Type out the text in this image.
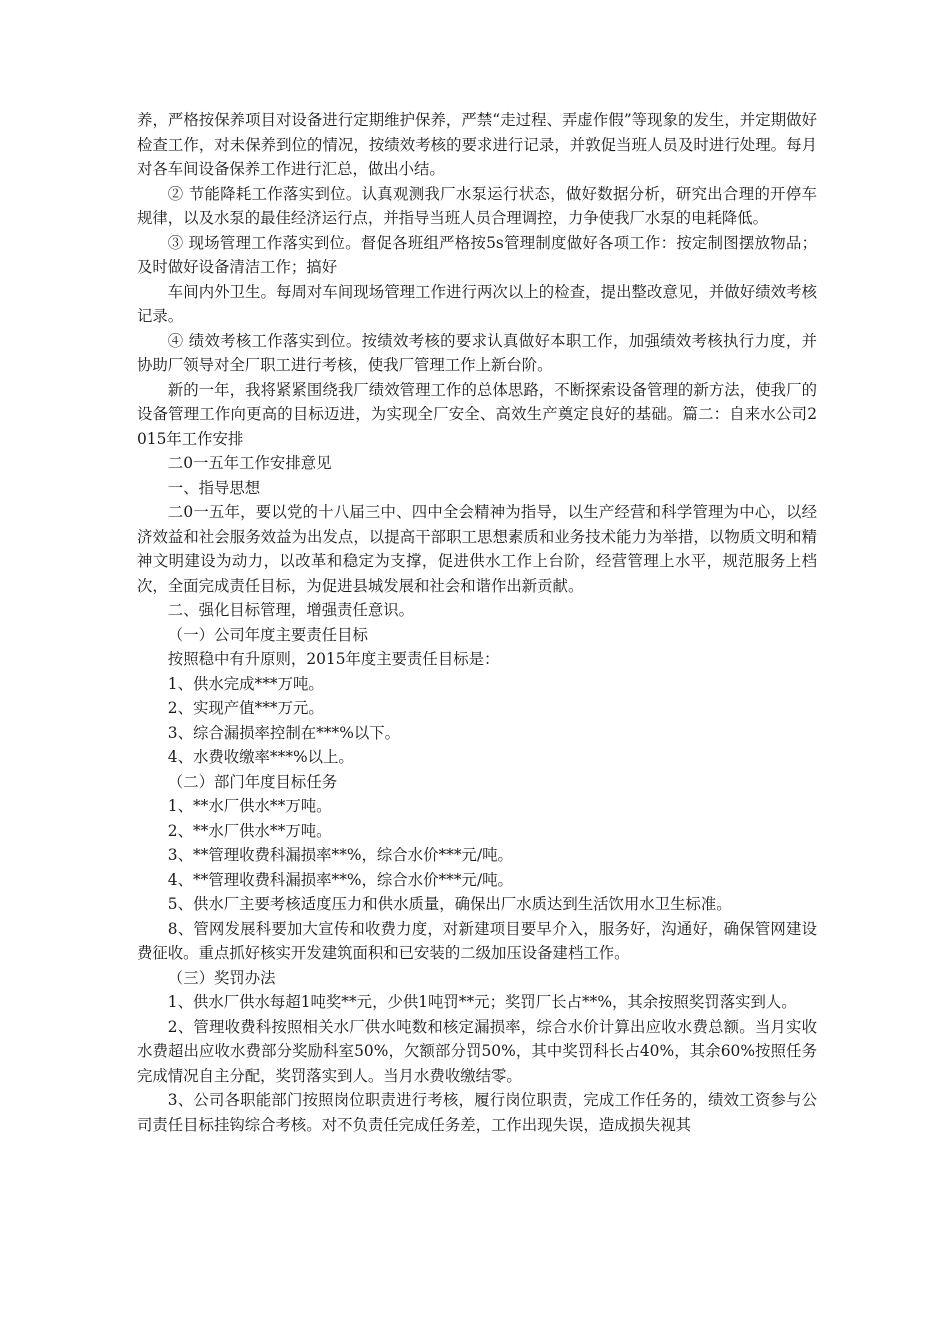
养，严格按保养项目对设备进行定期维护保养，严禁“走过程、弄虚作假”等现象的发生，并定期做好检查工作，对未保养到位的情况，按绩效考核的要求进行记录，并敦促当班人员及时进行处理。每月对各车间设备保养工作进行汇总，做出小结。

② 节能降耗工作落实到位。认真观测我厂水泵运行状态，做好数据分析，研究出合理的开停车规律，以及水泵的最佳经济运行点，并指导当班人员合理调控，力争使我厂水泵的电耗降低。

③ 现场管理工作落实到位。督促各班组严格按5s管理制度做好各项工作：按定制图摆放物品；及时做好设备清洁工作；搞好

车间内外卫生。每周对车间现场管理工作进行两次以上的检查，提出整改意见，并做好绩效考核记录。

④ 绩效考核工作落实到位。按绩效考核的要求认真做好本职工作，加强绩效考核执行力度，并协助厂领导对全厂职工进行考核，使我厂管理工作上新台阶。

新的一年，我将紧紧围绕我厂绩效管理工作的总体思路，不断探索设备管理的新方法，使我厂的设备管理工作向更高的目标迈进，为实现全厂安全、高效生产奠定良好的基础。篇二：自来水公司2015年工作安排

二0一五年工作安排意见

一、指导思想

二0一五年，要以党的十八届三中、四中全会精神为指导，以生产经营和科学管理为中心，以经济效益和社会服务效益为出发点，以提高干部职工思想素质和业务技术能力为举措，以物质文明和精神文明建设为动力，以改革和稳定为支撑，促进供水工作上台阶，经营管理上水平，规范服务上档次，全面完成责任目标，为促进县城发展和社会和谐作出新贡献。

二、强化目标管理，增强责任意识。

（一）公司年度主要责任目标

按照稳中有升原则，2015年度主要责任目标是：

1、供水完成***万吨。

2、实现产值***万元。

3、综合漏损率控制在***%以下。

4、水费收缴率***%以上。

（二）部门年度目标任务

1、**水厂供水**万吨。

2、**水厂供水**万吨。

3、**管理收费科漏损率**%，综合水价***元/吨。

4、**管理收费科漏损率**%，综合水价***元/吨。

5、供水厂主要考核适度压力和供水质量，确保出厂水质达到生活饮用水卫生标准。

8、管网发展科要加大宣传和收费力度，对新建项目要早介入，服务好，沟通好，确保管网建设费征收。重点抓好核实开发建筑面积和已安装的二级加压设备建档工作。

（三）奖罚办法

1、供水厂供水每超1吨奖**元，少供1吨罚**元；奖罚厂长占**%，其余按照奖罚落实到人。

2、管理收费科按照相关水厂供水吨数和核定漏损率，综合水价计算出应收水费总额。当月实收水费超出应收水费部分奖励科室50%，欠额部分罚50%，其中奖罚科长占40%，其余60%按照任务完成情况自主分配，奖罚落实到人。当月水费收缴结零。

3、公司各职能部门按照岗位职责进行考核，履行岗位职责，完成工作任务的，绩效工资参与公司责任目标挂钩综合考核。对不负责任完成任务差，工作出现失误，造成损失视其
